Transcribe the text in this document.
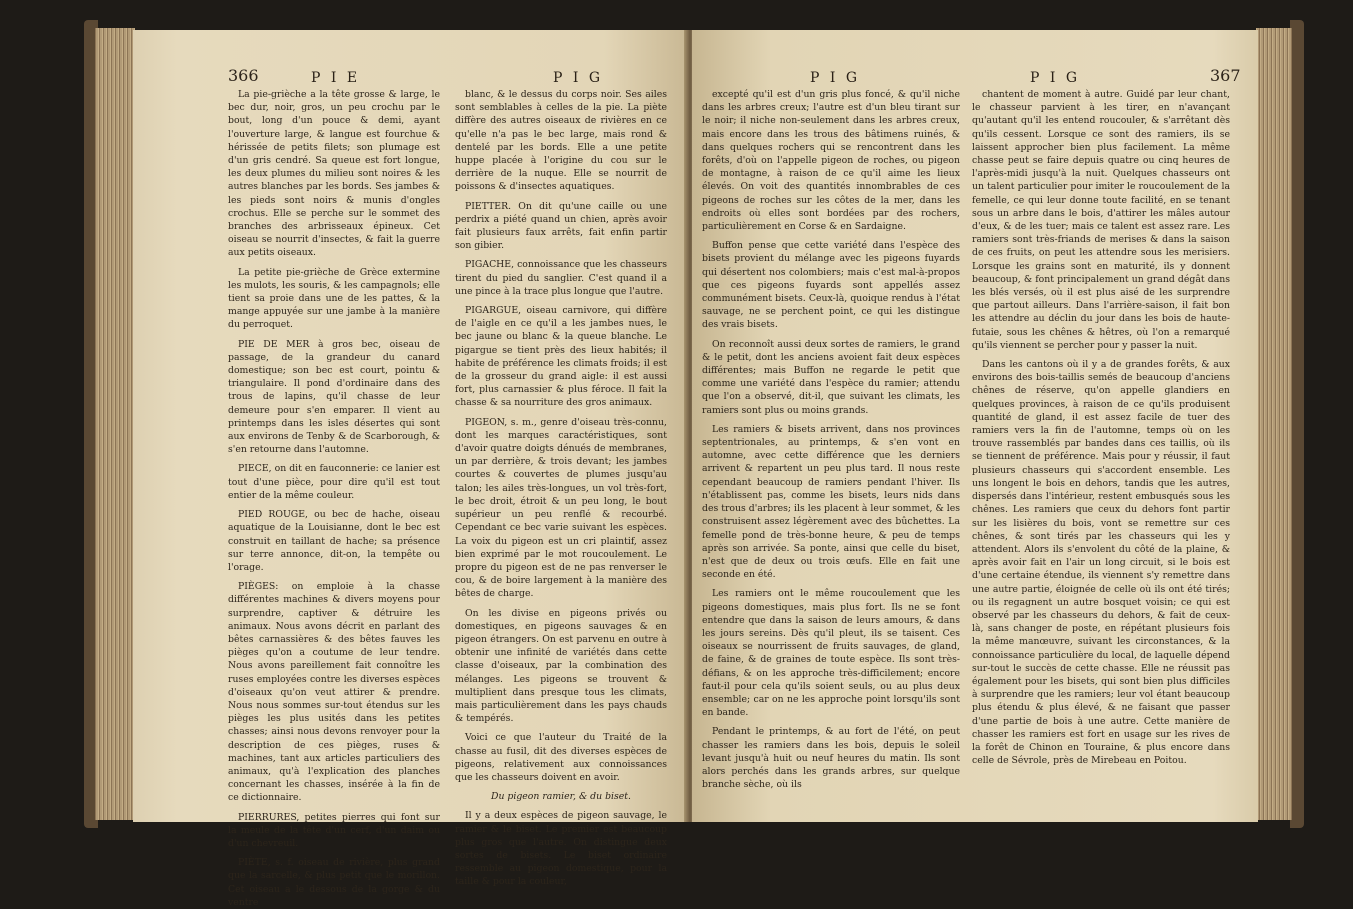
366	P I E	P I G

La pie-grièche a la tête grosse & large, le bec dur, noir, gros, un peu crochu par le bout, long d'un pouce & demi, ayant l'ouverture large, & langue est fourchue & hérissée de petits filets; son plumage est d'un gris cendré. Sa queue est fort longue, les deux plumes du milieu sont noires & les autres blanches par les bords. Ses jambes & les pieds sont noirs & munis d'ongles crochus. Elle se perche sur le sommet des branches des arbrisseaux épineux. Cet oiseau se nourrit d'insectes, & fait la guerre aux petits oiseaux.

La petite pie-grièche de Grèce extermine les mulots, les souris, & les campagnols; elle tient sa proie dans une de les pattes, & la mange appuyée sur une jambe à la manière du perroquet.

PIE DE MER à gros bec, oiseau de passage, de la grandeur du canard domestique; son bec est court, pointu & triangulaire. Il pond d'ordinaire dans des trous de lapins, qu'il chasse de leur demeure pour s'en emparer. Il vient au printemps dans les isles désertes qui sont aux environs de Tenby & de Scarborough, & s'en retourne dans l'automne.

PIECE, on dit en fauconnerie: ce lanier est tout d'une pièce, pour dire qu'il est tout entier de la même couleur.

PIED ROUGE, ou bec de hache, oiseau aquatique de la Louisianne, dont le bec est construit en taillant de hache; sa présence sur terre annonce, dit-on, la tempête ou l'orage.

PIÈGES: on emploie à la chasse différentes machines & divers moyens pour surprendre, captiver & détruire les animaux. Nous avons décrit en parlant des bêtes carnassières & des bêtes fauves les pièges qu'on a coutume de leur tendre. Nous avons pareillement fait connoître les ruses employées contre les diverses espèces d'oiseaux qu'on veut attirer & prendre. Nous nous sommes sur-tout étendus sur les pièges les plus usités dans les petites chasses; ainsi nous devons renvoyer pour la description de ces pièges, ruses & machines, tant aux articles particuliers des animaux, qu'à l'explication des planches concernant les chasses, insérée à la fin de ce dictionnaire.

PIERRURES, petites pierres qui font sur la meule de la tête d'un cerf, d'un daim ou d'un chevreuil.

PIÈTE, s. f. oiseau de rivière, plus grand que la sarcelle, & plus petit que le morillon. Cet oiseau a le dessous de la gorge & du ventre

blanc, & le dessus du corps noir. Ses ailes sont semblables à celles de la pie. La piète diffère des autres oiseaux de rivières en ce qu'elle n'a pas le bec large, mais rond & dentelé par les bords. Elle a une petite huppe placée à l'origine du cou sur le derrière de la nuque. Elle se nourrit de poissons & d'insectes aquatiques.

PIETTER. On dit qu'une caille ou une perdrix a piété quand un chien, après avoir fait plusieurs faux arrêts, fait enfin partir son gibier.

PIGACHE, connoissance que les chasseurs tirent du pied du sanglier. C'est quand il a une pince à la trace plus longue que l'autre.

PIGARGUE, oiseau carnivore, qui diffère de l'aigle en ce qu'il a les jambes nues, le bec jaune ou blanc & la queue blanche. Le pigargue se tient près des lieux habités; il habite de préférence les climats froids; il est de la grosseur du grand aigle: il est aussi fort, plus carnassier & plus féroce. Il fait la chasse & sa nourriture des gros animaux.

PIGEON, s. m., genre d'oiseau très-connu, dont les marques caractéristiques, sont d'avoir quatre doigts dénués de membranes, un par derrière, & trois devant; les jambes courtes & couvertes de plumes jusqu'au talon; les ailes très-longues, un vol très-fort, le bec droit, étroit & un peu long, le bout supérieur un peu renflé & recourbé. Cependant ce bec varie suivant les espèces. La voix du pigeon est un cri plaintif, assez bien exprimé par le mot roucoulement. Le propre du pigeon est de ne pas renverser le cou, & de boire largement à la manière des bêtes de charge.

On les divise en pigeons privés ou domestiques, en pigeons sauvages & en pigeon étrangers. On est parvenu en outre à obtenir une infinité de variétés dans cette classe d'oiseaux, par la combination des mélanges. Les pigeons se trouvent & multiplient dans presque tous les climats, mais particulièrement dans les pays chauds & tempérés.

Voici ce que l'auteur du Traité de la chasse au fusil, dit des diverses espèces de pigeons, relativement aux connoissances que les chasseurs doivent en avoir.

Du pigeon ramier, & du biset.

Il y a deux espèces de pigeon sauvage, le ramier & le biset. Le premier est beaucoup plus gros que l'autre. On distingue deux sortes de bisets. Le biset ordinaire ressemble au pigeon domestique, pour la taille & pour la couleur,

P I G	P I G	367

excepté qu'il est d'un gris plus foncé, & qu'il niche dans les arbres creux; l'autre est d'un bleu tirant sur le noir; il niche non-seulement dans les arbres creux, mais encore dans les trous des bâtimens ruinés, & dans quelques rochers qui se rencontrent dans les forêts, d'où on l'appelle pigeon de roches, ou pigeon de montagne, à raison de ce qu'il aime les lieux élevés. On voit des quantités innombrables de ces pigeons de roches sur les côtes de la mer, dans les endroits où elles sont bordées par des rochers, particulièrement en Corse & en Sardaigne.

Buffon pense que cette variété dans l'espèce des bisets provient du mélange avec les pigeons fuyards qui désertent nos colombiers; mais c'est mal-à-propos que ces pigeons fuyards sont appellés assez communément bisets. Ceux-là, quoique rendus à l'état sauvage, ne se perchent point, ce qui les distingue des vrais bisets.

On reconnoît aussi deux sortes de ramiers, le grand & le petit, dont les anciens avoient fait deux espèces différentes; mais Buffon ne regarde le petit que comme une variété dans l'espèce du ramier; attendu que l'on a observé, dit-il, que suivant les climats, les ramiers sont plus ou moins grands.

Les ramiers & bisets arrivent, dans nos provinces septentrionales, au printemps, & s'en vont en automne, avec cette différence que les derniers arrivent & repartent un peu plus tard. Il nous reste cependant beaucoup de ramiers pendant l'hiver. Ils n'établissent pas, comme les bisets, leurs nids dans des trous d'arbres; ils les placent à leur sommet, & les construisent assez légèrement avec des bûchettes. La femelle pond de très-bonne heure, & peu de temps après son arrivée. Sa ponte, ainsi que celle du biset, n'est que de deux ou trois œufs. Elle en fait une seconde en été.

Les ramiers ont le même roucoulement que les pigeons domestiques, mais plus fort. Ils ne se font entendre que dans la saison de leurs amours, & dans les jours sereins. Dès qu'il pleut, ils se taisent. Ces oiseaux se nourrissent de fruits sauvages, de gland, de faine, & de graines de toute espèce. Ils sont très-défians, & on les approche très-difficilement; encore faut-il pour cela qu'ils soient seuls, ou au plus deux ensemble; car on ne les approche point lorsqu'ils sont en bande.

Pendant le printemps, & au fort de l'été, on peut chasser les ramiers dans les bois, depuis le soleil levant jusqu'à huit ou neuf heures du matin. Ils sont alors perchés dans les grands arbres, sur quelque branche sèche, où ils

chantent de moment à autre. Guidé par leur chant, le chasseur parvient à les tirer, en n'avançant qu'autant qu'il les entend roucouler, & s'arrêtant dès qu'ils cessent. Lorsque ce sont des ramiers, ils se laissent approcher bien plus facilement. La même chasse peut se faire depuis quatre ou cinq heures de l'après-midi jusqu'à la nuit. Quelques chasseurs ont un talent particulier pour imiter le roucoulement de la femelle, ce qui leur donne toute facilité, en se tenant sous un arbre dans le bois, d'attirer les mâles autour d'eux, & de les tuer; mais ce talent est assez rare. Les ramiers sont très-friands de merises & dans la saison de ces fruits, on peut les attendre sous les merisiers. Lorsque les grains sont en maturité, ils y donnent beaucoup, & font principalement un grand dégât dans les blés versés, où il est plus aisé de les surprendre que partout ailleurs. Dans l'arrière-saison, il fait bon les attendre au déclin du jour dans les bois de haute-futaie, sous les chênes & hêtres, où l'on a remarqué qu'ils viennent se percher pour y passer la nuit.

Dans les cantons où il y a de grandes forêts, & aux environs des bois-taillis semés de beaucoup d'anciens chênes de réserve, qu'on appelle glandiers en quelques provinces, à raison de ce qu'ils produisent quantité de gland, il est assez facile de tuer des ramiers vers la fin de l'automne, temps où on les trouve rassemblés par bandes dans ces taillis, où ils se tiennent de préférence. Mais pour y réussir, il faut plusieurs chasseurs qui s'accordent ensemble. Les uns longent le bois en dehors, tandis que les autres, dispersés dans l'intérieur, restent embusqués sous les chênes. Les ramiers que ceux du dehors font partir sur les lisières du bois, vont se remettre sur ces chênes, & sont tirés par les chasseurs qui les y attendent. Alors ils s'envolent du côté de la plaine, & après avoir fait en l'air un long circuit, si le bois est d'une certaine étendue, ils viennent s'y remettre dans une autre partie, éloignée de celle où ils ont été tirés; ou ils regagnent un autre bosquet voisin; ce qui est observé par les chasseurs du dehors, & fait de ceux-là, sans changer de poste, en répétant plusieurs fois la même manœuvre, suivant les circonstances, & la connoissance particulière du local, de laquelle dépend sur-tout le succès de cette chasse. Elle ne réussit pas également pour les bisets, qui sont bien plus difficiles à surprendre que les ramiers; leur vol étant beaucoup plus étendu & plus élevé, & ne faisant que passer d'une partie de bois à une autre. Cette manière de chasser les ramiers est fort en usage sur les rives de la forêt de Chinon en Touraine, & plus encore dans celle de Sévrole, près de Mirebeau en Poitou.
